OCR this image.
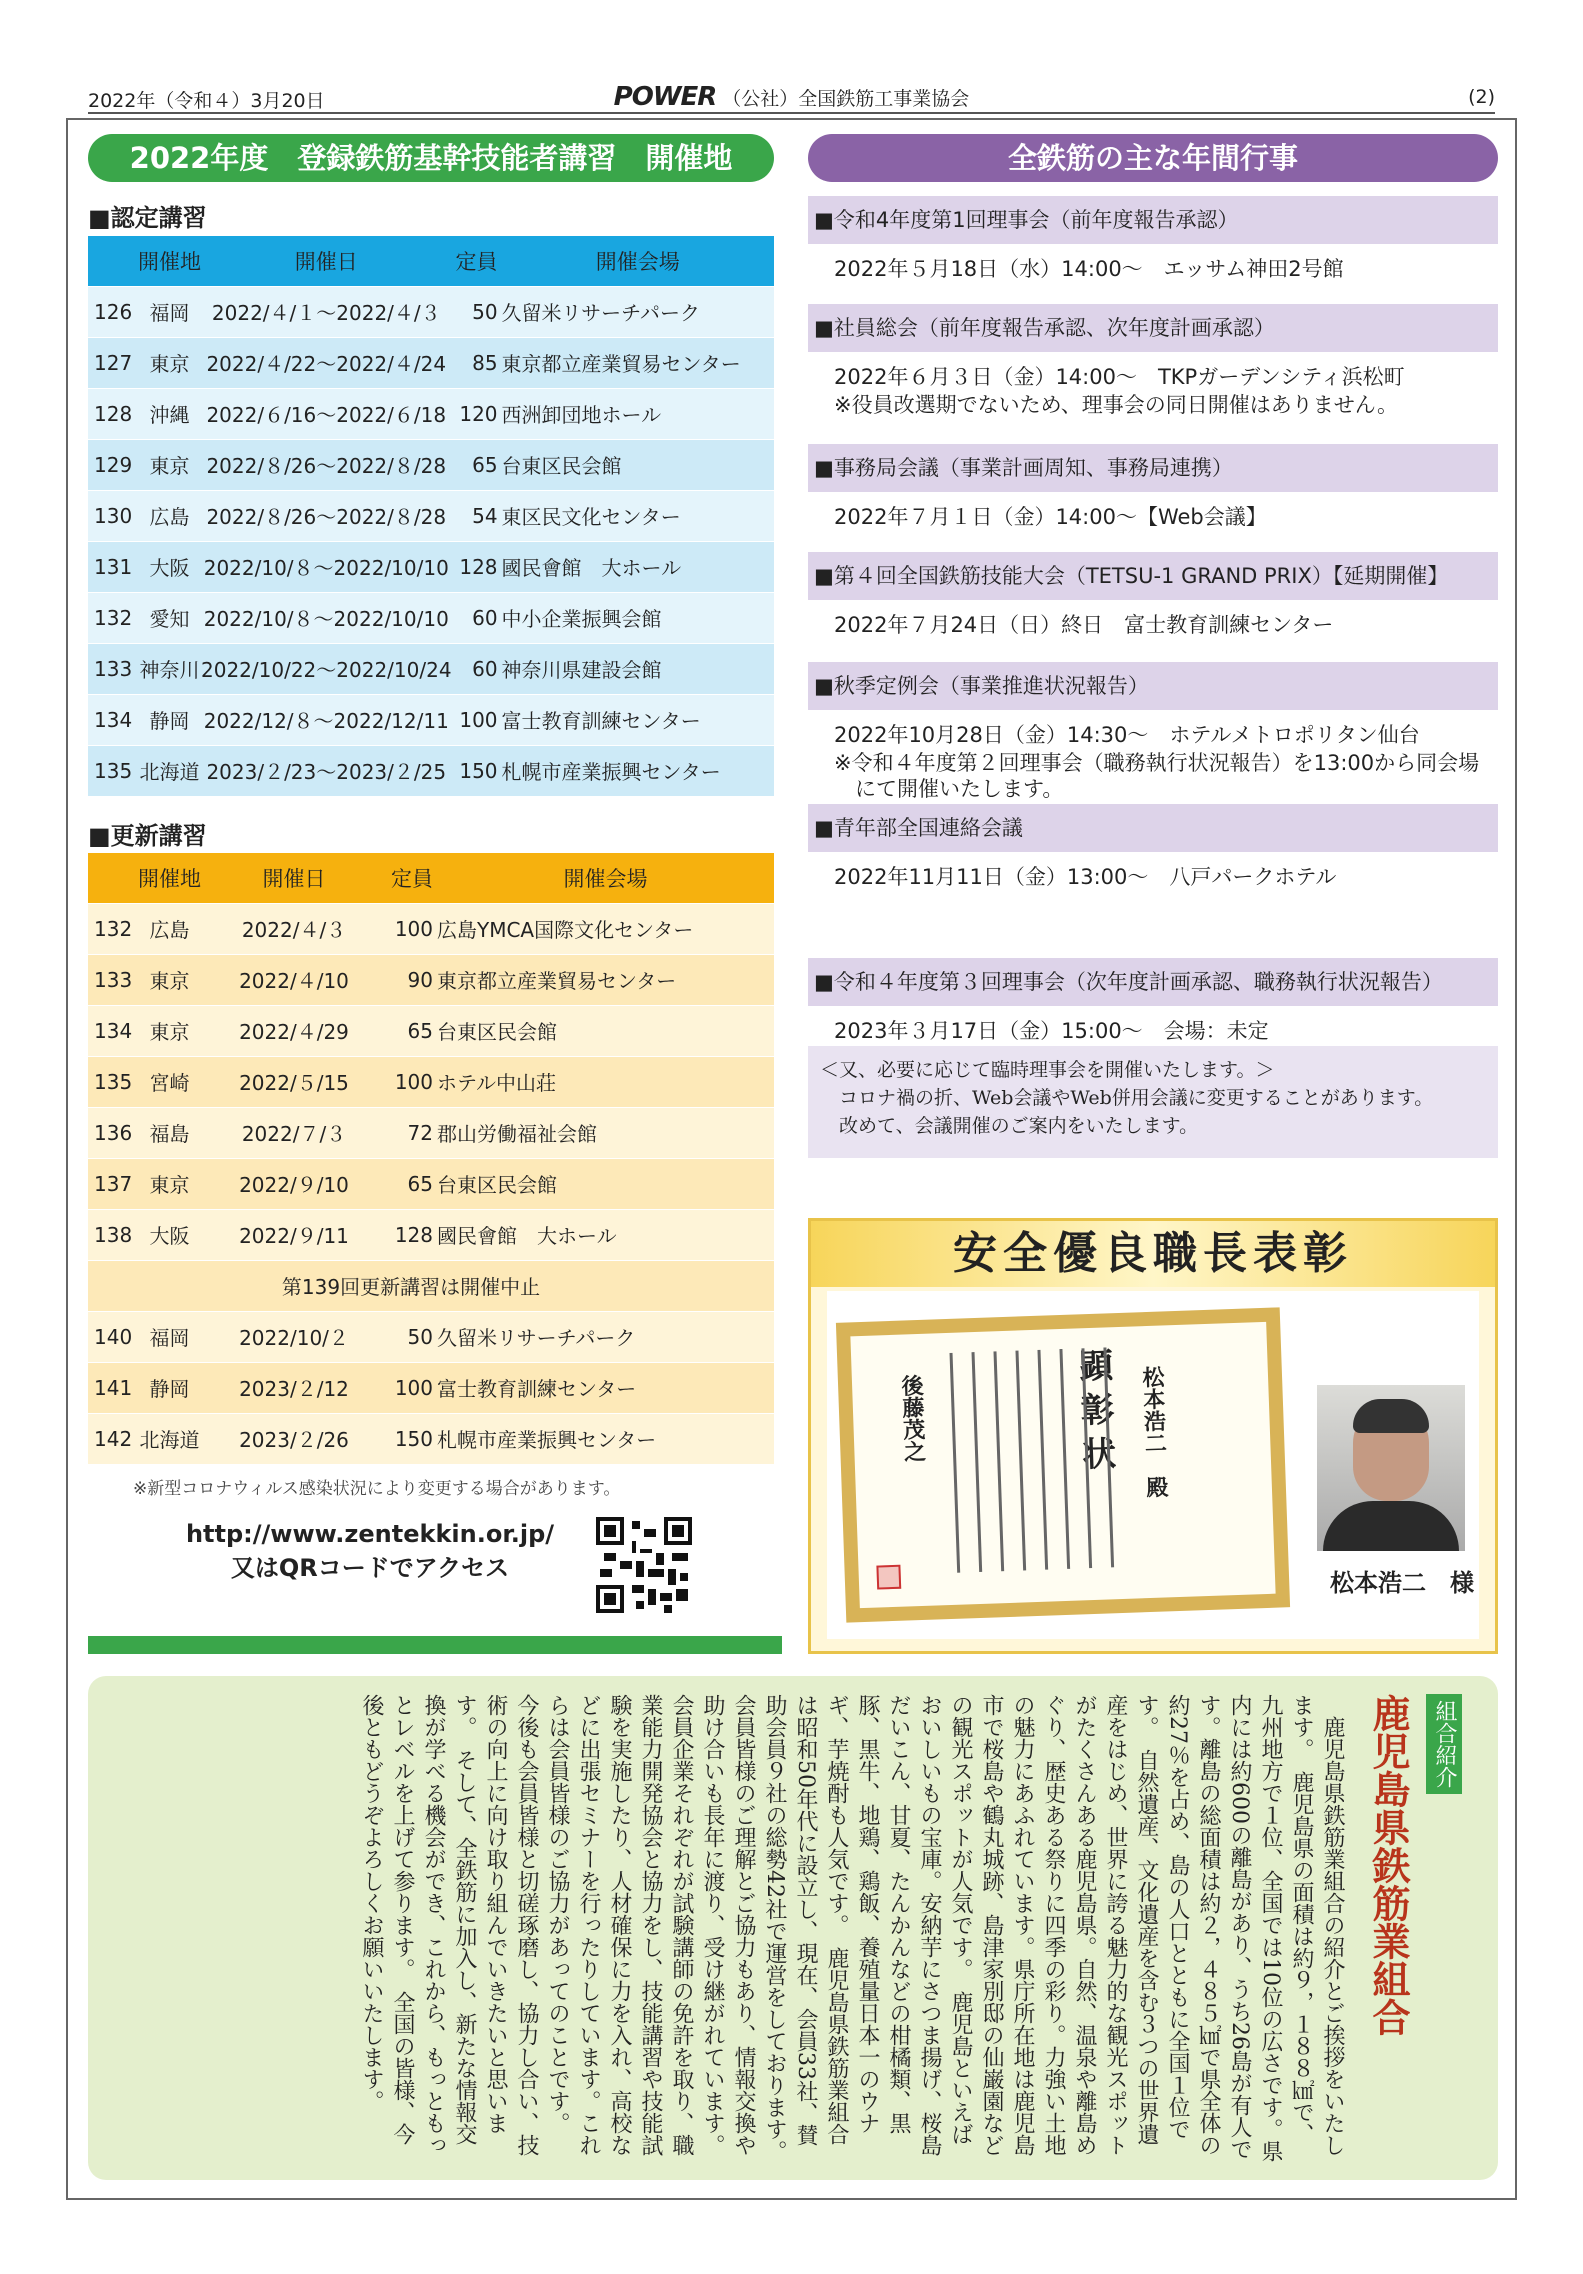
2022年（令和４）3月20日	POWER （公社）全国鉄筋工事業協会	(2)
2022年度　登録鉄筋基幹技能者講習　開催地	全鉄筋の主な年間行事
■認定講習
	開催地	開催日	定員	開催会場
126	福岡	2022/４/１～2022/４/３	50	久留米リサーチパーク
127	東京	2022/４/22～2022/４/24	85	東京都立産業貿易センター
128	沖縄	2022/６/16～2022/６/18	120	西洲卸団地ホール
129	東京	2022/８/26～2022/８/28	65	台東区民会館
130	広島	2022/８/26～2022/８/28	54	東区民文化センター
131	大阪	2022/10/８～2022/10/10	128	國民會館　大ホール
132	愛知	2022/10/８～2022/10/10	60	中小企業振興会館
133	神奈川	2022/10/22～2022/10/24	60	神奈川県建設会館
134	静岡	2022/12/８～2022/12/11	100	富士教育訓練センター
135	北海道	2023/２/23～2023/２/25	150	札幌市産業振興センター
■更新講習
	開催地	開催日	定員	開催会場
132	広島	2022/４/３	100	広島YMCA国際文化センター
133	東京	2022/４/10	90	東京都立産業貿易センター
134	東京	2022/４/29	65	台東区民会館
135	宮崎	2022/５/15	100	ホテル中山荘
136	福島	2022/７/３	72	郡山労働福祉会館
137	東京	2022/９/10	65	台東区民会館
138	大阪	2022/９/11	128	國民會館　大ホール
第139回更新講習は開催中止				
140	福岡	2022/10/２	50	久留米リサーチパーク
141	静岡	2023/２/12	100	富士教育訓練センター
142	北海道	2023/２/26	150	札幌市産業振興センター
※新型コロナウィルス感染状況により変更する場合があります。
http://www.zentekkin.or.jp/
又はQRコードでアクセス
■令和4年度第1回理事会（前年度報告承認）
2022年５月18日（水）14:00～　エッサム神田2号館
■社員総会（前年度報告承認、次年度計画承認）
2022年６月３日（金）14:00～　TKPガーデンシティ浜松町
※役員改選期でないため、理事会の同日開催はありません。
■事務局会議（事業計画周知、事務局連携）
2022年７月１日（金）14:00～【Web会議】
■第４回全国鉄筋技能大会（TETSU-1 GRAND PRIX）【延期開催】
2022年７月24日（日）終日　富士教育訓練センター
■秋季定例会（事業推進状況報告）
2022年10月28日（金）14:30～　ホテルメトロポリタン仙台
※令和４年度第２回理事会（職務執行状況報告）を13:00から同会場
　にて開催いたします。
■青年部全国連絡会議
2022年11月11日（金）13:00～　八戸パークホテル
■令和４年度第３回理事会（次年度計画承認、職務執行状況報告）
2023年３月17日（金）15:00～　会場：未定
＜又、必要に応じて臨時理事会を開催いたします。＞
　コロナ禍の折、Web会議やWeb併用会議に変更することがあります。
　改めて、会議開催のご案内をいたします。
安全優良職長表彰
顕彰状 松本浩二　殿
後藤茂之
松本浩二　様
組合紹介
鹿児島県鉄筋業組合
　鹿児島県鉄筋業組合の紹介とご挨拶をいたします。　鹿児島県の面積は約９，１８８㎢で、九州地方で１位、全国では10位の広さです。県内には約600の離島があり、うち26島が有人です。離島の総面積は約２，４８５㎢で県全体の約27％を占め、島の人口とともに全国１位です。　自然遺産、文化遺産を含む３つの世界遺産をはじめ、世界に誇る魅力的な観光スポットがたくさんある鹿児島県。自然、温泉や離島めぐり、歴史ある祭りに四季の彩り。力強い土地の魅力にあふれています。県庁所在地は鹿児島市で桜島や鶴丸城跡、島津家別邸の仙巌園などの観光スポットが人気です。　鹿児島といえばおいしいもの宝庫。安納芋にさつま揚げ、桜島だいこん、甘夏、たんかんなどの柑橘類、黒豚、黒牛、地鶏、鶏飯、養殖量日本一のウナギ、芋焼酎も人気です。　鹿児島県鉄筋業組合は昭和50年代に設立し、現在、会員33社、賛助会員９社の総勢42社で運営をしております。　会員皆様のご理解とご協力もあり、情報交換や助け合いも長年に渡り、受け継がれています。　会員企業それぞれが試験講師の免許を取り、職業能力開発協会と協力をし、技能講習や技能試験を実施したり、人材確保に力を入れ、高校などに出張セミナーを行ったりしています。これらは会員皆様のご協力があってのことです。　今後も会員皆様と切磋琢磨し、協力し合い、技術の向上に向け取り組んでいきたいと思います。　そして、全鉄筋に加入し、新たな情報交換が学べる機会ができ、これから、もっともっとレベルを上げて参ります。　全国の皆様、今後ともどうぞよろしくお願いいたします。
